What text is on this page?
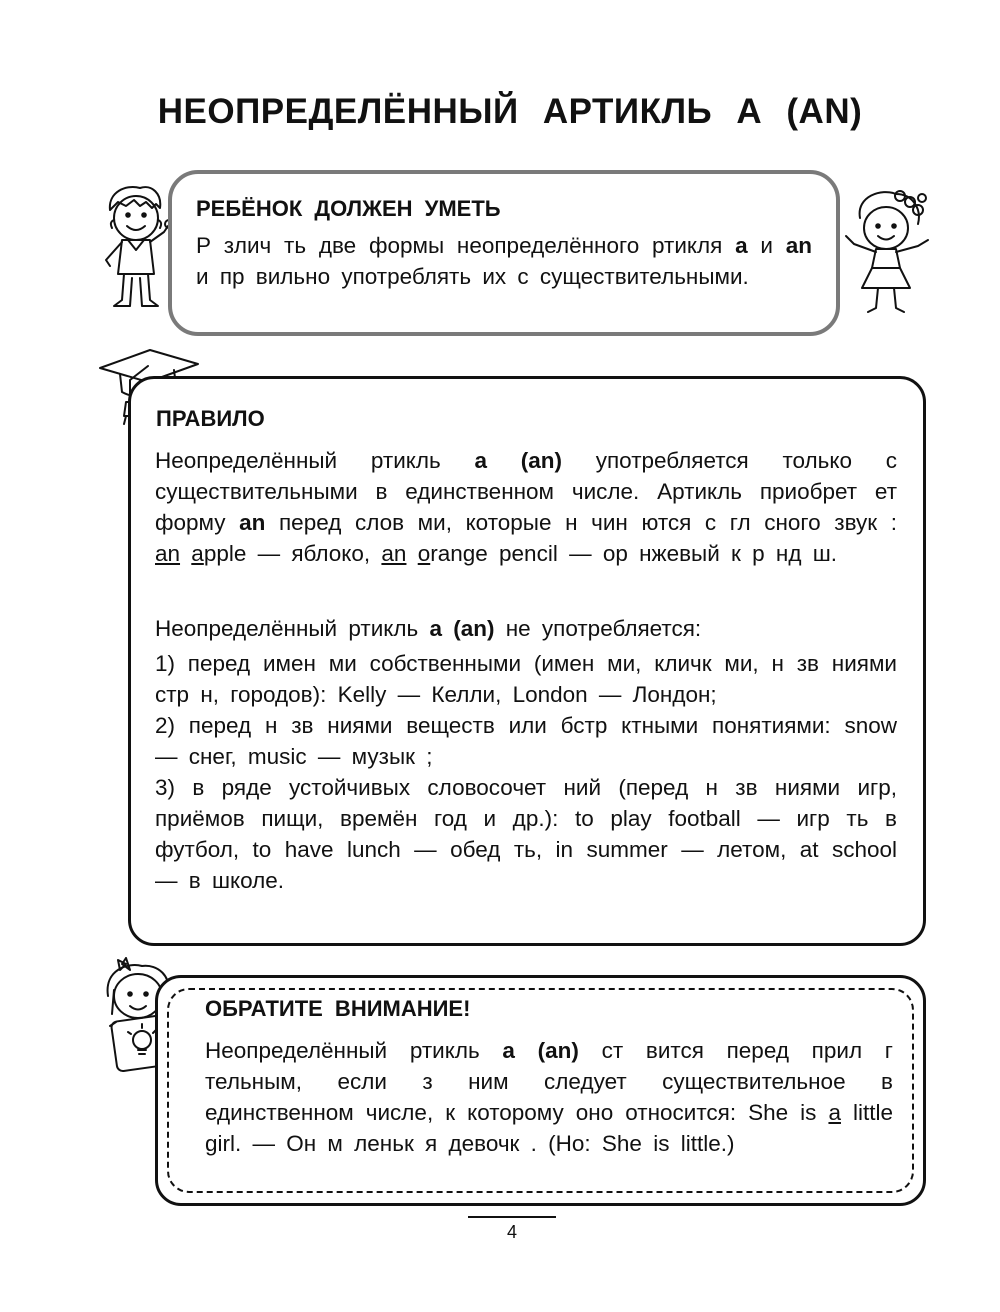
НЕОПРЕДЕЛЁННЫЙ АРТИКЛЬ А (AN)
РЕБЁНОК ДОЛЖЕН УМЕТЬ

Р злич ть две формы неопределённого ртикля a и an и пр вильно употреблять их с существительными.

ПРАВИЛО

Неопределённый ртикль a (an) употребляется только с существительными в единственном числе. Артикль приобрет ет форму an перед слов ми, которые н чин ются с гл сного звук : an apple — яблоко, an orange pencil — ор нжевый к р нд ш.

Неопределённый ртикль a (an) не употребляется:

1) перед имен ми собственными (имен ми, кличк ми, н зв ниями стр н, городов): Kelly — Келли, London — Лондон;
2) перед н зв ниями веществ или бстр ктными понятиями: snow — снег, music — музык ;
3) в ряде устойчивых словосочет ний (перед н зв ниями игр, приёмов пищи, времён год и др.): to play football — игр ть в футбол, to have lunch — обед ть, in summer — летом, at school — в школе.

ОБРАТИТЕ ВНИМАНИЕ!

Неопределённый ртикль a (an) ст вится перед прил г тельным, если з ним следует существительное в единственном числе, к которому оно относится: She is a little girl. — Он м леньк я девочк . (Но: She is little.)

4
